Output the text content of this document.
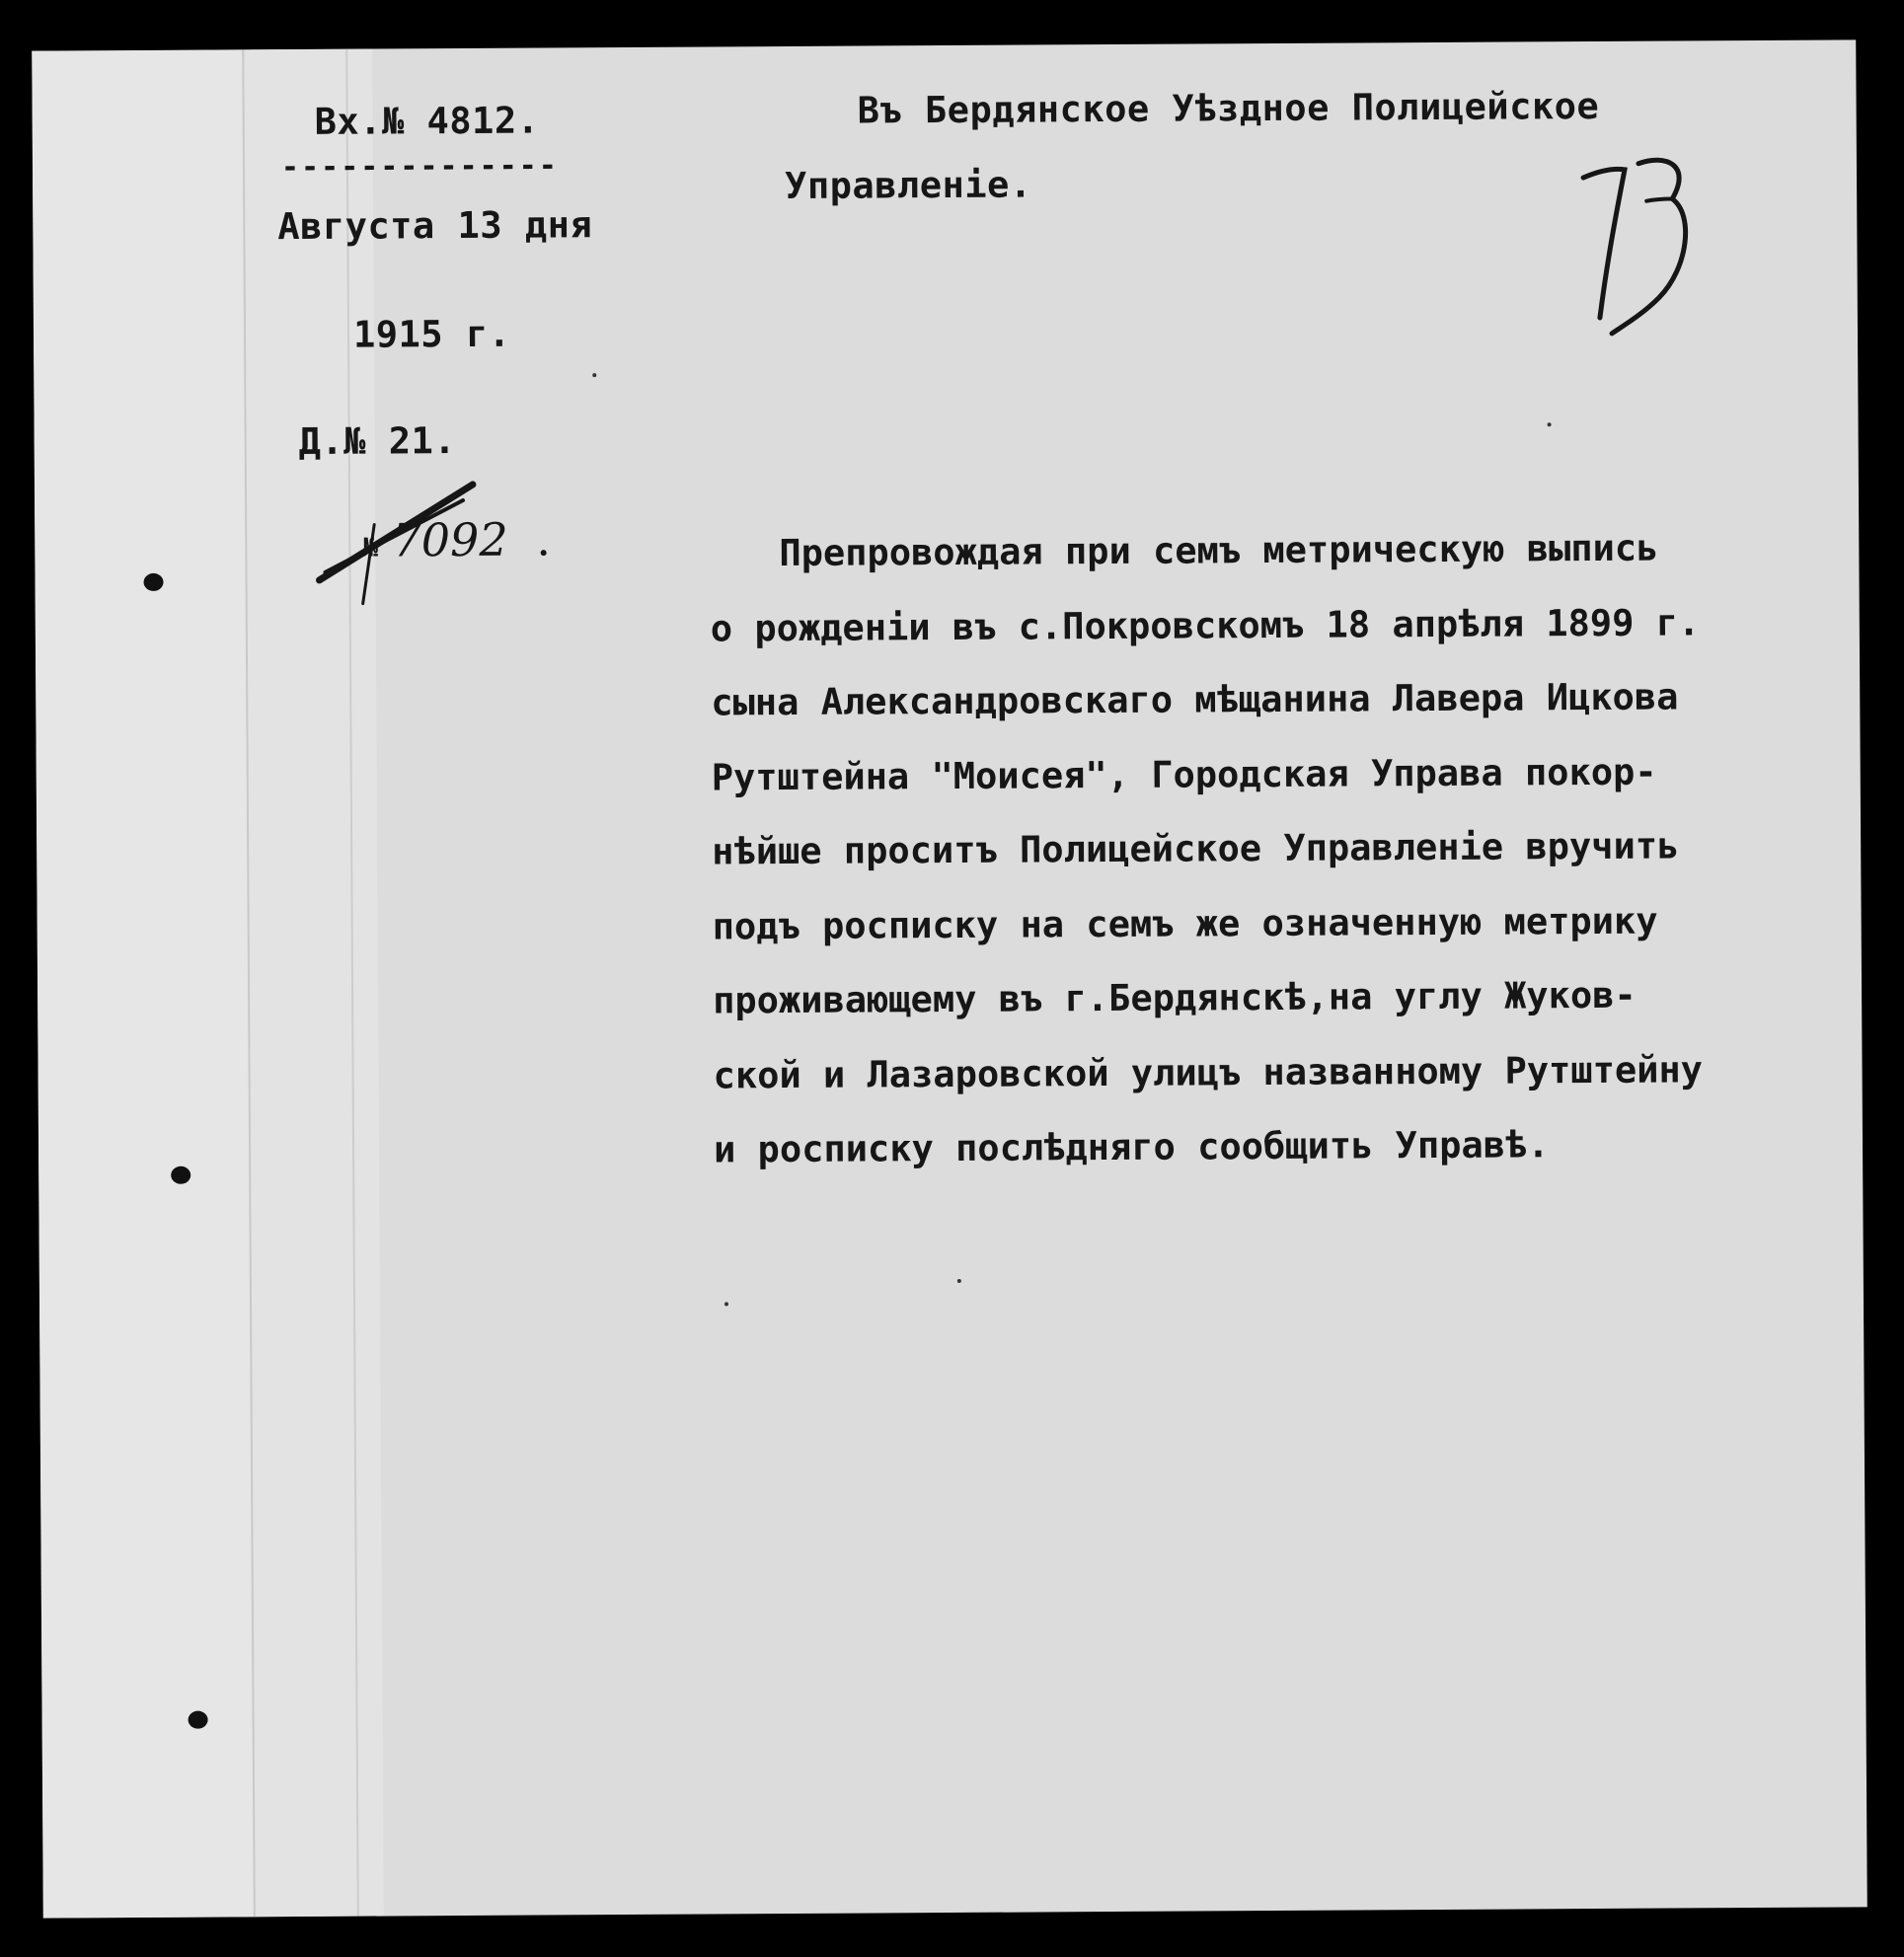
Вх.№ 4812.
--------------
Августа 13 дня
1915 г.
Д.№ 21.
№ 7092 .
Въ Бердянское Уѣздное Полицейское
Управленіе.
Препровождая при семъ метрическую выпись
о рожденіи въ с.Покровскомъ 18 апрѣля 1899 г.
сына Александровскаго мѣщанина Лавера Ицкова
Рутштейна "Моисея", Городская Управа покор-
нѣйше проситъ Полицейское Управленіе вручить
подъ росписку на семъ же означенную метрику
проживающему въ г.Бердянскѣ,на углу Жуков-
ской и Лазаровской улицъ названному Рутштейну
и росписку послѣдняго сообщить Управѣ.
